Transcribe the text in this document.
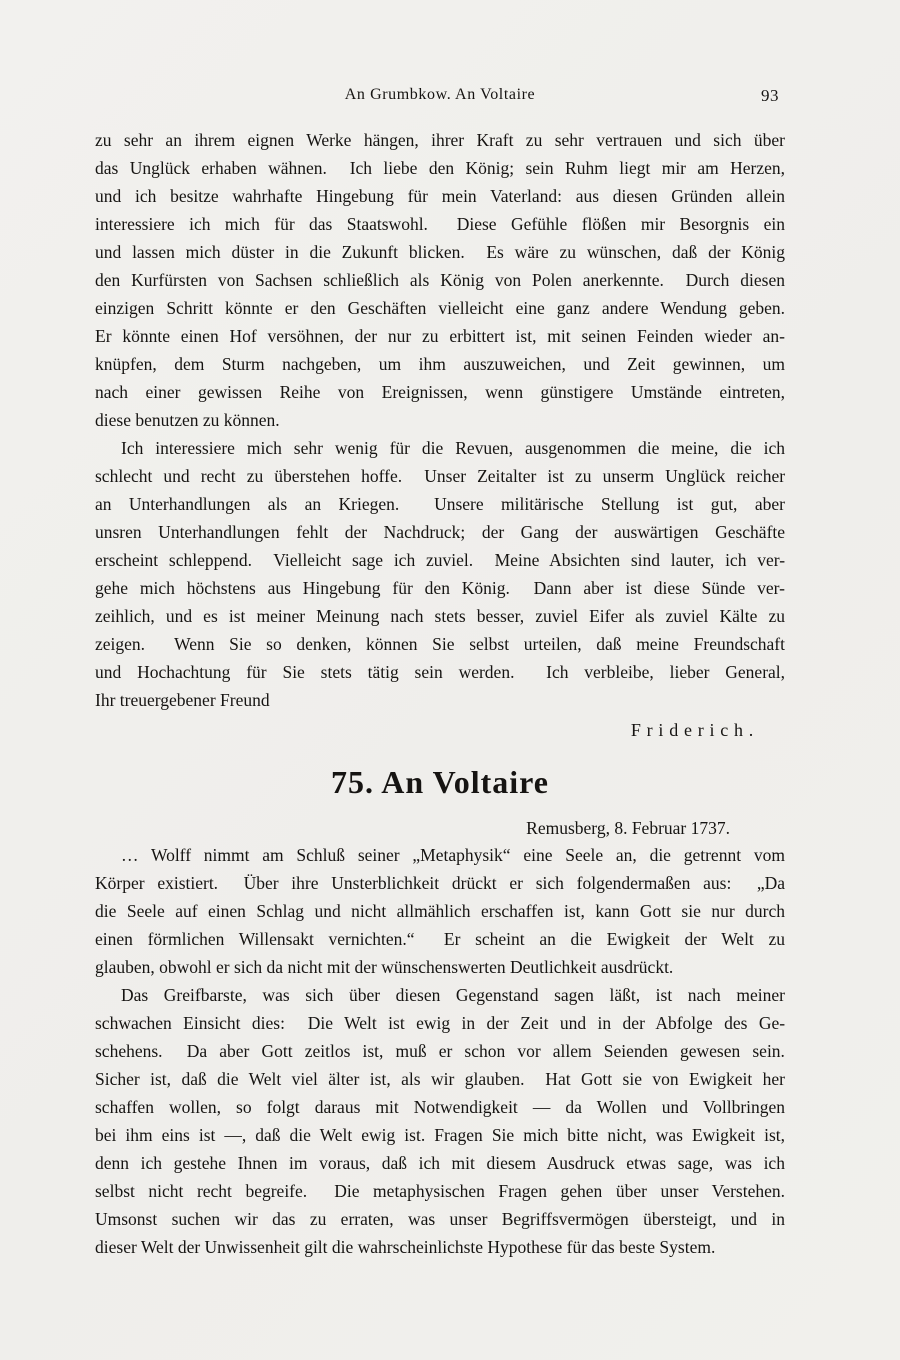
An Grumbkow. An Voltaire	93
zu sehr an ihrem eignen Werke hängen, ihrer Kraft zu sehr vertrauen und sich über
das Unglück erhaben wähnen.  Ich liebe den König; sein Ruhm liegt mir am Herzen,
und ich besitze wahrhafte Hingebung für mein Vaterland: aus diesen Gründen allein
interessiere ich mich für das Staatswohl.  Diese Gefühle flößen mir Besorgnis ein
und lassen mich düster in die Zukunft blicken.  Es wäre zu wünschen, daß der König
den Kurfürsten von Sachsen schließlich als König von Polen anerkennte.  Durch diesen
einzigen Schritt könnte er den Geschäften vielleicht eine ganz andere Wendung geben.
Er könnte einen Hof versöhnen, der nur zu erbittert ist, mit seinen Feinden wieder an-
knüpfen, dem Sturm nachgeben, um ihm auszuweichen, und Zeit gewinnen, um
nach einer gewissen Reihe von Ereignissen, wenn günstigere Umstände eintreten,
diese benutzen zu können.
Ich interessiere mich sehr wenig für die Revuen, ausgenommen die meine, die ich
schlecht und recht zu überstehen hoffe.  Unser Zeitalter ist zu unserm Unglück reicher
an Unterhandlungen als an Kriegen.  Unsere militärische Stellung ist gut, aber
unsren Unterhandlungen fehlt der Nachdruck; der Gang der auswärtigen Geschäfte
erscheint schleppend.  Vielleicht sage ich zuviel.  Meine Absichten sind lauter, ich ver-
gehe mich höchstens aus Hingebung für den König.  Dann aber ist diese Sünde ver-
zeihlich, und es ist meiner Meinung nach stets besser, zuviel Eifer als zuviel Kälte zu
zeigen.  Wenn Sie so denken, können Sie selbst urteilen, daß meine Freundschaft
und Hochachtung für Sie stets tätig sein werden.  Ich verbleibe, lieber General,
Ihr treuergebener Freund
Friderich.
75. An Voltaire
Remusberg, 8. Februar 1737.
… Wolff nimmt am Schluß seiner „Metaphysik“ eine Seele an, die getrennt vom
Körper existiert.  Über ihre Unsterblichkeit drückt er sich folgendermaßen aus:  „Da
die Seele auf einen Schlag und nicht allmählich erschaffen ist, kann Gott sie nur durch
einen förmlichen Willensakt vernichten.“  Er scheint an die Ewigkeit der Welt zu
glauben, obwohl er sich da nicht mit der wünschenswerten Deutlichkeit ausdrückt.
Das Greifbarste, was sich über diesen Gegenstand sagen läßt, ist nach meiner
schwachen Einsicht dies:  Die Welt ist ewig in der Zeit und in der Abfolge des Ge-
schehens.  Da aber Gott zeitlos ist, muß er schon vor allem Seienden gewesen sein.
Sicher ist, daß die Welt viel älter ist, als wir glauben.  Hat Gott sie von Ewigkeit her
schaffen wollen, so folgt daraus mit Notwendigkeit — da Wollen und Vollbringen
bei ihm eins ist —, daß die Welt ewig ist. Fragen Sie mich bitte nicht, was Ewigkeit ist,
denn ich gestehe Ihnen im voraus, daß ich mit diesem Ausdruck etwas sage, was ich
selbst nicht recht begreife.  Die metaphysischen Fragen gehen über unser Verstehen.
Umsonst suchen wir das zu erraten, was unser Begriffsvermögen übersteigt, und in
dieser Welt der Unwissenheit gilt die wahrscheinlichste Hypothese für das beste System.
